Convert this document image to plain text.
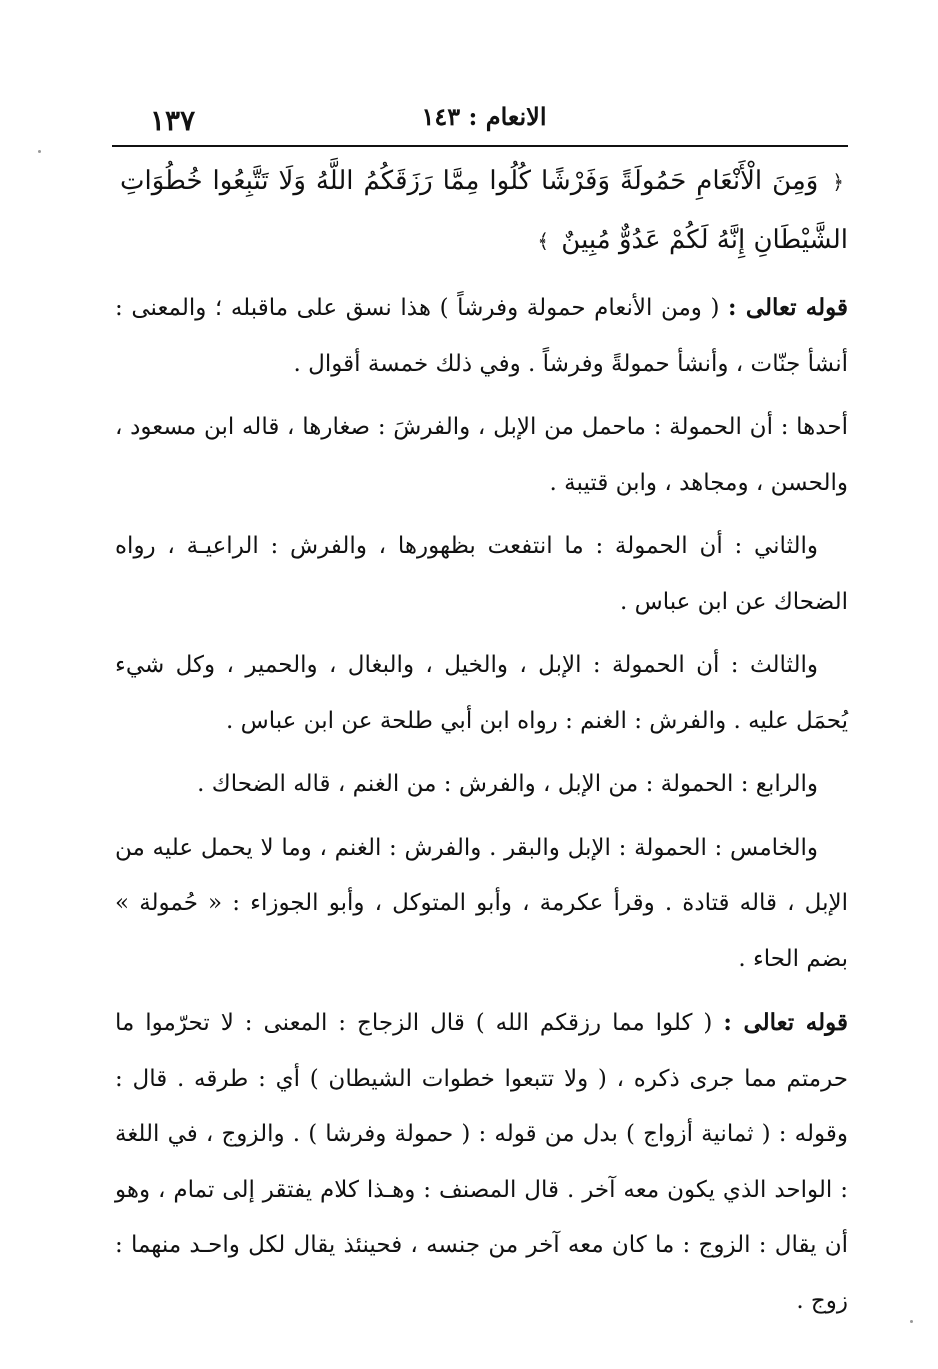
١٣٧	الانعام : ١٤٣
﴿ وَمِنَ الْأَنْعَامِ حَمُولَةً وَفَرْشًا كُلُوا مِمَّا رَزَقَكُمُ اللَّهُ وَلَا تَتَّبِعُوا خُطُوَاتِ الشَّيْطَانِ إِنَّهُ لَكُمْ عَدُوٌّ مُبِينٌ ﴾

قوله تعالى : ( ومن الأنعام حمولة وفرشاً ) هذا نسق على ماقبله ؛ والمعنى : أنشأ جنّات ، وأنشأ حمولةً وفرشاً . وفي ذلك خمسة أقوال .

أحدها : أن الحمولة : ماحمل من الإبل ، والفرشَ : صغارها ، قاله ابن مسعود ، والحسن ، ومجاهد ، وابن قتيبة .

والثاني : أن الحمولة : ما انتفعت بظهورها ، والفرش : الراعيـة ، رواه الضحاك عن ابن عباس .

والثالث : أن الحمولة : الإبل ، والخيل ، والبغال ، والحمير ، وكل شيء يُحمَل عليه . والفرش : الغنم : رواه ابن أبي طلحة عن ابن عباس .

والرابع : الحمولة : من الإبل ، والفرش : من الغنم ، قاله الضحاك .

والخامس : الحمولة : الإبل والبقر . والفرش : الغنم ، وما لا يحمل عليه من الإبل ، قاله قتادة . وقرأ عكرمة ، وأبو المتوكل ، وأبو الجوزاء : « حُمولة » بضم الحاء .

قوله تعالى : ( كلوا مما رزقكم الله ) قال الزجاج : المعنى : لا تحرّموا ما حرمتم مما جرى ذكره ، ( ولا تتبعوا خطوات الشيطان ) أي : طرقه . قال : وقوله : ( ثمانية أزواج ) بدل من قوله : ( حمولة وفرشا ) . والزوج ، في اللغة : الواحد الذي يكون معه آخر . قال المصنف : وهـذا كلام يفتقر إلى تمام ، وهو أن يقال : الزوج : ما كان معه آخر من جنسه ، فحينئذ يقال لكل واحـد منهما : زوج .
